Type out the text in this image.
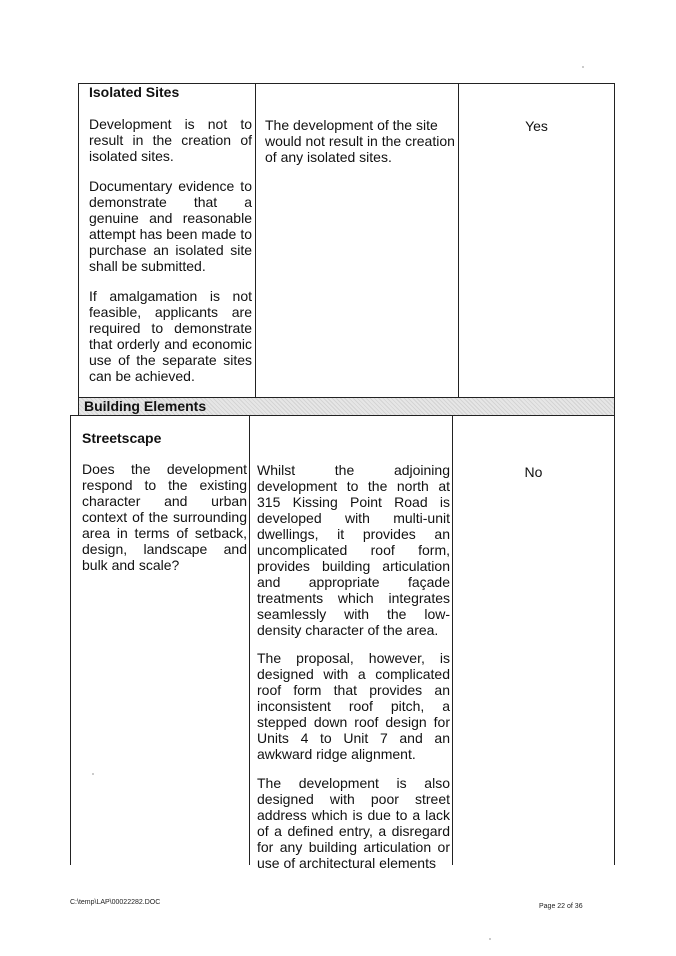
Isolated Sites
Development is not to result in the creation of isolated sites.
Documentary evidence to demonstrate that a genuine and reasonable attempt has been made to purchase an isolated site shall be submitted.
If amalgamation is not feasible, applicants are required to demonstrate that orderly and economic use of the separate sites can be achieved.
The development of the site would not result in the creation of any isolated sites.
Yes
Building Elements
Streetscape
Does the development respond to the existing character and urban context of the surrounding area in terms of setback, design, landscape and bulk and scale?
Whilst the adjoining development to the north at 315 Kissing Point Road is developed with multi-unit dwellings, it provides an uncomplicated roof form, provides building articulation and appropriate façade treatments which integrates seamlessly with the low-density character of the area.
The proposal, however, is designed with a complicated roof form that provides an inconsistent roof pitch, a stepped down roof design for Units 4 to Unit 7 and an awkward ridge alignment.
The development is also designed with poor street address which is due to a lack of a defined entry, a disregard for any building articulation or use of architectural elements
No
C:\temp\LAP\00022282.DOC
Page 22 of 36
